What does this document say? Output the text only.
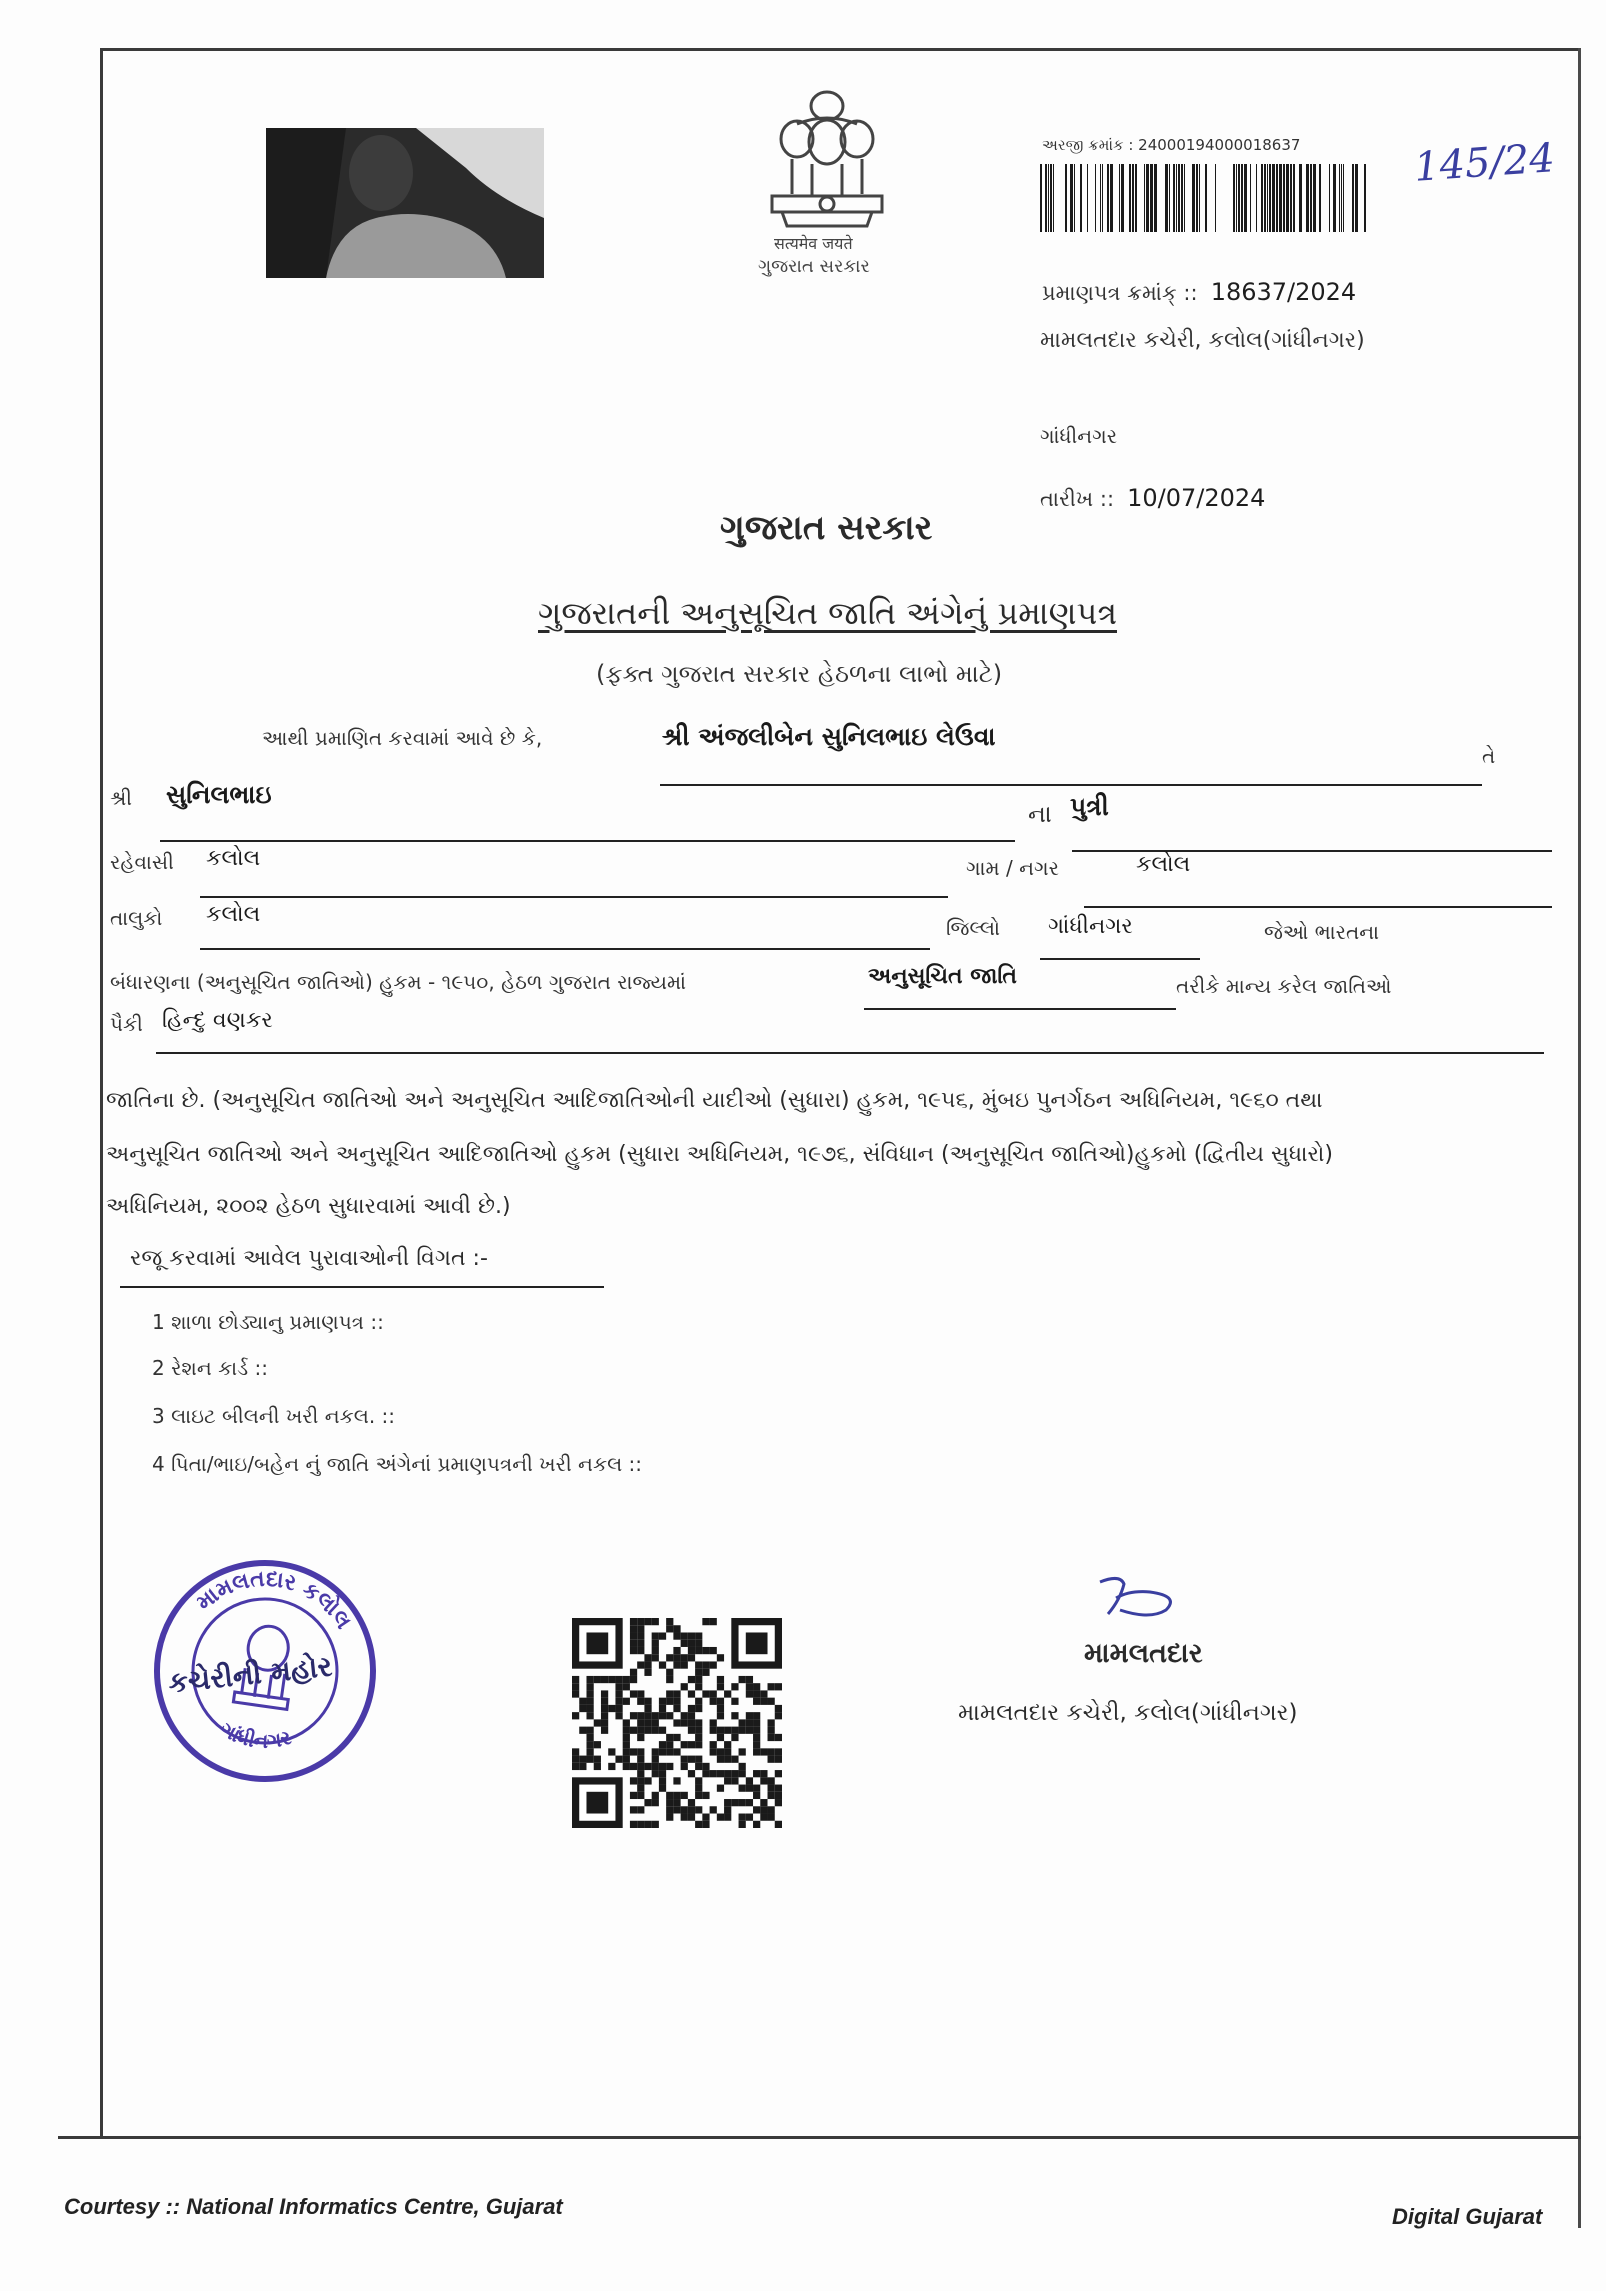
सत्यमेव जयते
ગુજરાત સરકાર
અરજી ક્રમાંક : 24000194000018637	145/24
પ્રમાણપત્ર ક્રમાંક્ :: 18637/2024
મામલતદાર કચેરી, કલોલ(ગાંધીનગર)
ગાંધીનગર
તારીખ :: 10/07/2024
ગુજરાત સરકાર
ગુજરાતની અનુસૂચિત જાતિ અંગેનું પ્રમાણપત્ર
(ફક્ત ગુજરાત સરકાર હેઠળના લાભો માટે)
આથી પ્રમાણિત કરવામાં આવે છે કે,	શ્રી અંજલીબેન સુનિલભાઇ લેઉવા
તે
શ્રી સુનિલભાઇ
ના પુત્રી
રહેવાસી કલોલ	ગામ / નગર	કલોલ
તાલુકો કલોલ
જિલ્લો ગાંધીનગર	જેઓ ભારતના
બંધારણના (અનુસૂચિત જાતિઓ) હુકમ - ૧૯૫૦, હેઠળ ગુજરાત રાજ્યમાં	અનુસૂચિત જાતિ	તરીકે માન્ય કરેલ જાતિઓ
પૈકી હિન્દુ વણકર
જાતિના છે. (અનુસૂચિત જાતિઓ અને અનુસૂચિત આદિજાતિઓની યાદીઓ (સુધારા) હુકમ, ૧૯૫૬, મુંબઇ પુનર્ગઠન અધિનિયમ, ૧૯૬૦ તથા
અનુસૂચિત જાતિઓ અને અનુસૂચિત આદિજાતિઓ હુકમ (સુધારા અધિનિયમ, ૧૯૭૬, સંવિધાન (અનુસૂચિત જાતિઓ)હુકમો (દ્વિતીય સુધારો)
અધિનિયમ, ૨૦૦૨ હેઠળ સુધારવામાં આવી છે.)
રજૂ કરવામાં આવેલ પુરાવાઓની વિગત :-
1 શાળા છોડ્યાનુ પ્રમાણપત્ર ::
2 રેશન કાર્ડ ::
3 લાઇટ બીલની ખરી નકલ. ::
4 પિતા/ભાઇ/બહેન નું જાતિ અંગેનાં પ્રમાણપત્રની ખરી નકલ ::
મામલતદાર કલોલ
ગાંધીનગર
કચેરીની મહોર	મામલતદાર
મામલતદાર કચેરી, કલોલ(ગાંધીનગર)
Courtesy :: National Informatics Centre, Gujarat	Digital Gujarat
